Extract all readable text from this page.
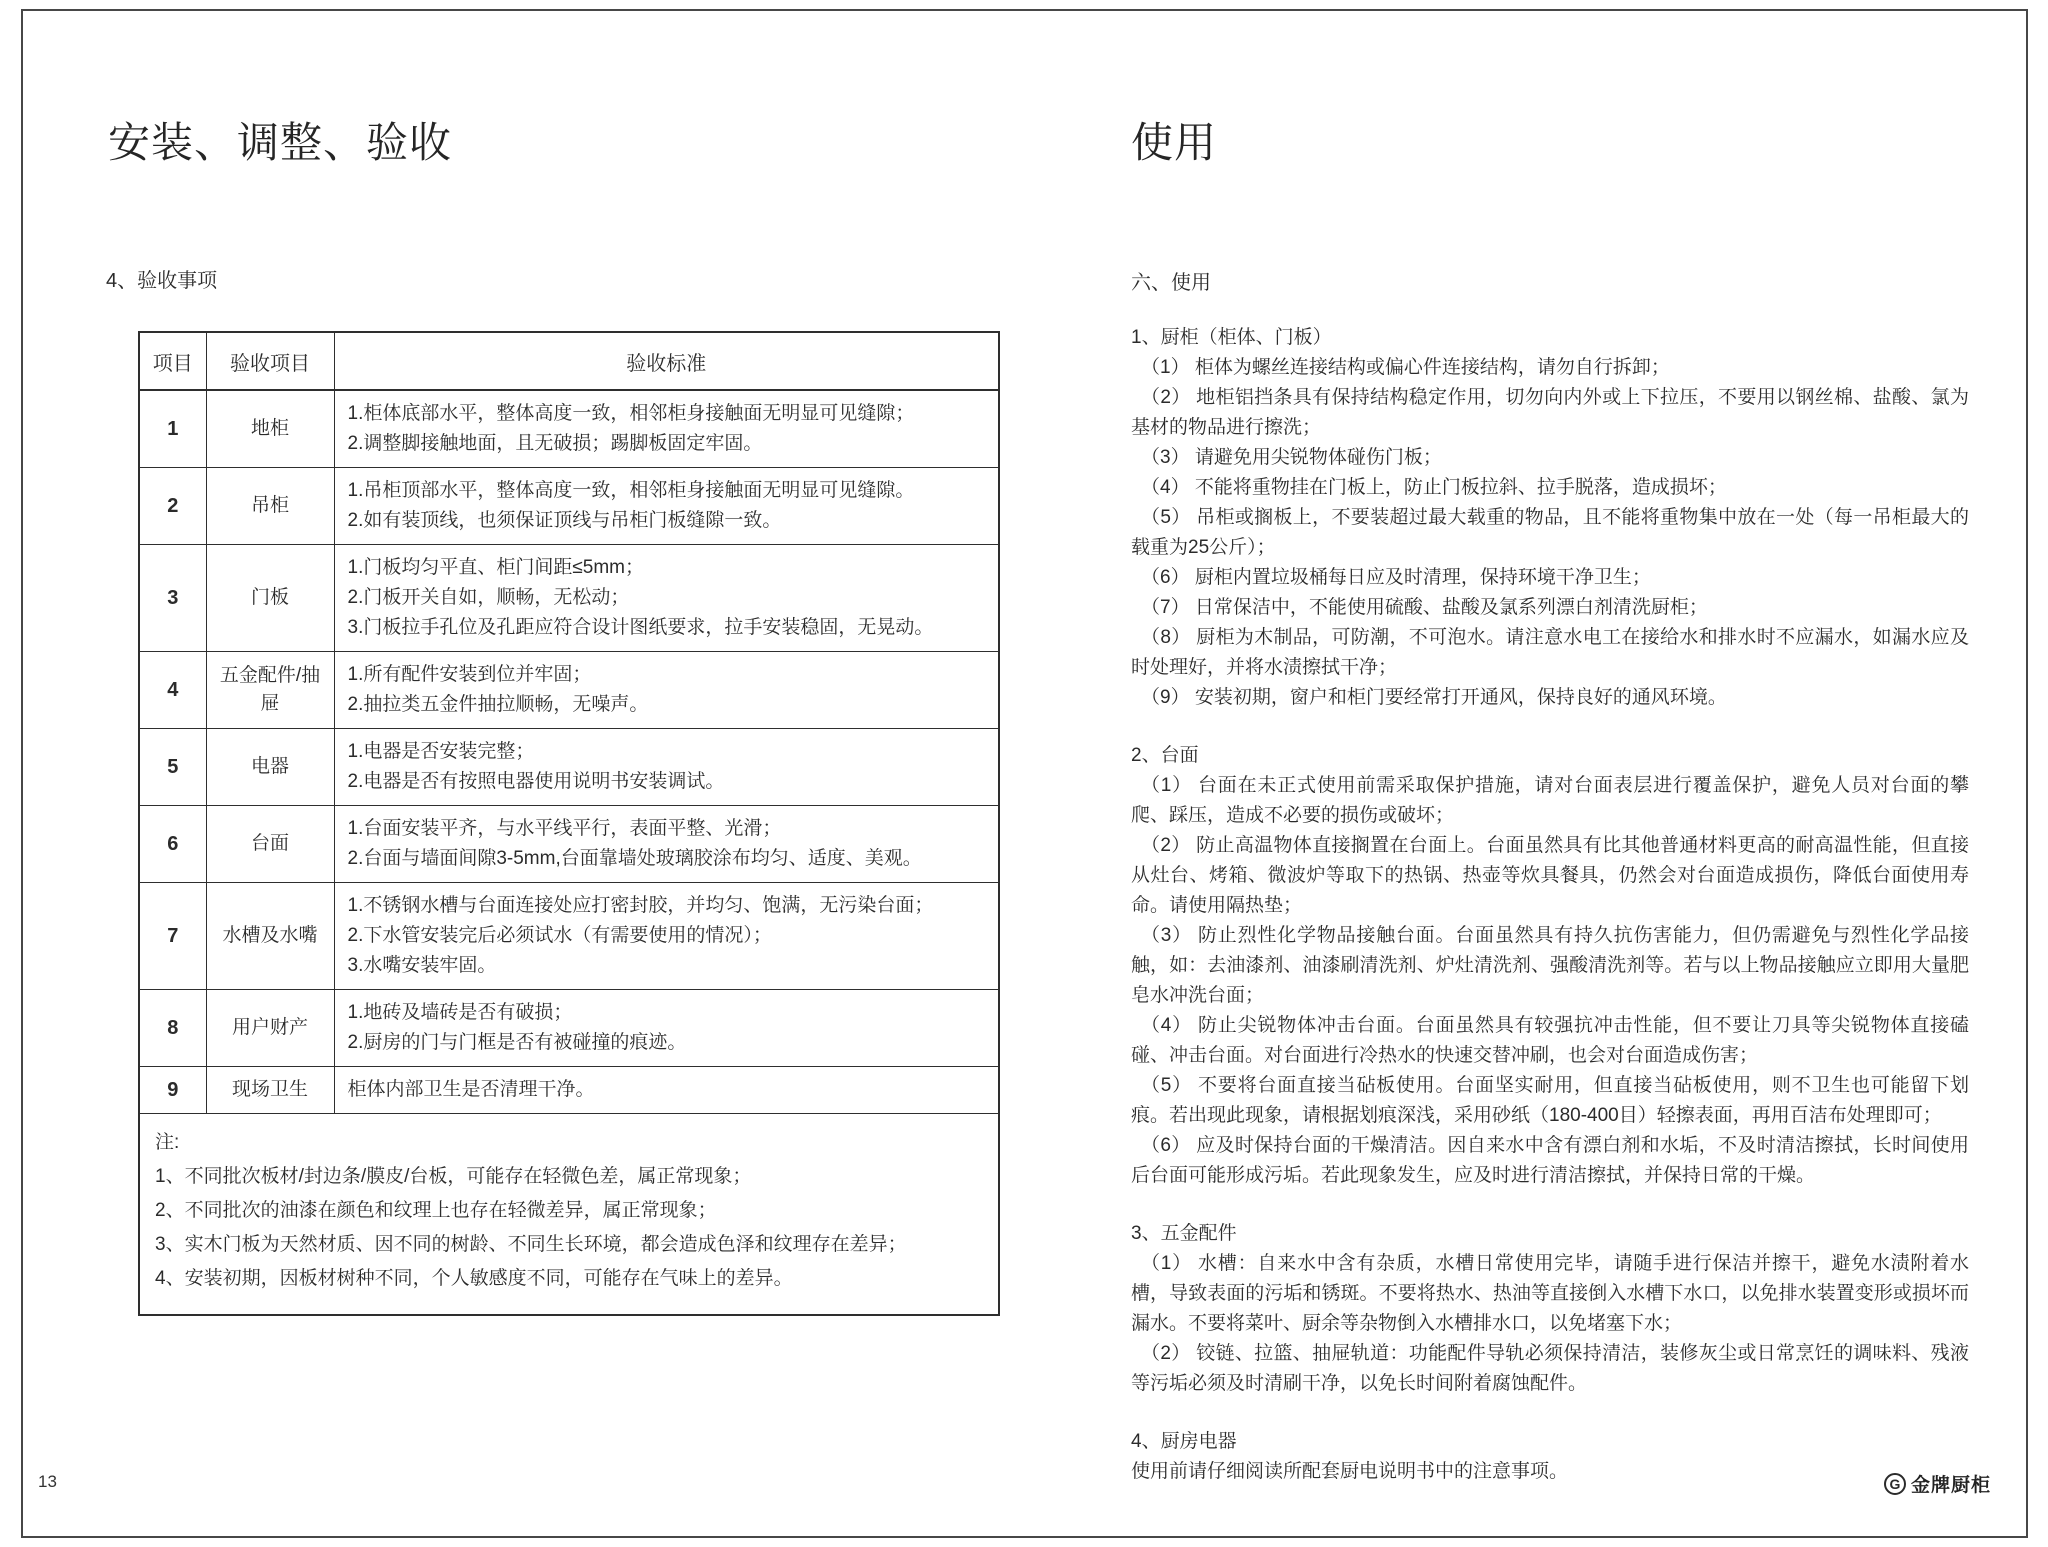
安装、调整、验收
4、验收事项
项目	验收项目	验收标准
1	地柜	1.柜体底部水平，整体高度一致，相邻柜身接触面无明显可见缝隙；
2.调整脚接触地面，且无破损；踢脚板固定牢固。

2	吊柜	1.吊柜顶部水平，整体高度一致，相邻柜身接触面无明显可见缝隙。
2.如有装顶线，也须保证顶线与吊柜门板缝隙一致。

3	门板	1.门板均匀平直、柜门间距≤5mm；
2.门板开关自如，顺畅，无松动；
3.门板拉手孔位及孔距应符合设计图纸要求，拉手安装稳固，无晃动。

4	五金配件/抽屉	1.所有配件安装到位并牢固；
2.抽拉类五金件抽拉顺畅，无噪声。

5	电器	1.电器是否安装完整；
2.电器是否有按照电器使用说明书安装调试。

6	台面	1.台面安装平齐，与水平线平行，表面平整、光滑；
2.台面与墙面间隙3-5mm,台面靠墙处玻璃胶涂布均匀、适度、美观。

7	水槽及水嘴	1.不锈钢水槽与台面连接处应打密封胶，并均匀、饱满，无污染台面；
2.下水管安装完后必须试水（有需要使用的情况）；
3.水嘴安装牢固。

8	用户财产	1.地砖及墙砖是否有破损；
2.厨房的门与门框是否有被碰撞的痕迹。

9	现场卫生	柜体内部卫生是否清理干净。

注:
1、不同批次板材/封边条/膜皮/台板，可能存在轻微色差，属正常现象；
2、不同批次的油漆在颜色和纹理上也存在轻微差异，属正常现象；
3、实木门板为天然材质、因不同的树龄、不同生长环境，都会造成色泽和纹理存在差异；
4、安装初期，因板材树种不同，个人敏感度不同，可能存在气味上的差异。		
使用
六、使用
1、厨柜（柜体、门板）

（1） 柜体为螺丝连接结构或偏心件连接结构，请勿自行拆卸；

（2） 地柜铝挡条具有保持结构稳定作用，切勿向内外或上下拉压，不要用以钢丝棉、盐酸、氯为基材的物品进行擦洗；

（3） 请避免用尖锐物体碰伤门板；

（4） 不能将重物挂在门板上，防止门板拉斜、拉手脱落，造成损坏；

（5） 吊柜或搁板上，不要装超过最大载重的物品，且不能将重物集中放在一处（每一吊柜最大的载重为25公斤）；

（6） 厨柜内置垃圾桶每日应及时清理，保持环境干净卫生；

（7） 日常保洁中，不能使用硫酸、盐酸及氯系列漂白剂清洗厨柜；

（8） 厨柜为木制品，可防潮，不可泡水。请注意水电工在接给水和排水时不应漏水，如漏水应及时处理好，并将水渍擦拭干净；

（9） 安装初期，窗户和柜门要经常打开通风，保持良好的通风环境。

2、台面

（1） 台面在未正式使用前需采取保护措施，请对台面表层进行覆盖保护，避免人员对台面的攀爬、踩压，造成不必要的损伤或破坏；

（2） 防止高温物体直接搁置在台面上。台面虽然具有比其他普通材料更高的耐高温性能，但直接从灶台、烤箱、微波炉等取下的热锅、热壶等炊具餐具，仍然会对台面造成损伤，降低台面使用寿命。请使用隔热垫；

（3） 防止烈性化学物品接触台面。台面虽然具有持久抗伤害能力，但仍需避免与烈性化学品接触，如：去油漆剂、油漆刷清洗剂、炉灶清洗剂、强酸清洗剂等。若与以上物品接触应立即用大量肥皂水冲洗台面；

（4） 防止尖锐物体冲击台面。台面虽然具有较强抗冲击性能，但不要让刀具等尖锐物体直接磕碰、冲击台面。对台面进行冷热水的快速交替冲刷，也会对台面造成伤害；

（5） 不要将台面直接当砧板使用。台面坚实耐用，但直接当砧板使用，则不卫生也可能留下划痕。若出现此现象，请根据划痕深浅，采用砂纸（180-400目）轻擦表面，再用百洁布处理即可；

（6） 应及时保持台面的干燥清洁。因自来水中含有漂白剂和水垢，不及时清洁擦拭，长时间使用后台面可能形成污垢。若此现象发生，应及时进行清洁擦拭，并保持日常的干燥。

3、五金配件

（1） 水槽：自来水中含有杂质，水槽日常使用完毕，请随手进行保洁并擦干，避免水渍附着水槽，导致表面的污垢和锈斑。不要将热水、热油等直接倒入水槽下水口，以免排水装置变形或损坏而漏水。不要将菜叶、厨余等杂物倒入水槽排水口，以免堵塞下水；

（2） 铰链、拉篮、抽屉轨道：功能配件导轨必须保持清洁，装修灰尘或日常烹饪的调味料、残液等污垢必须及时清刷干净，以免长时间附着腐蚀配件。

4、厨房电器

使用前请仔细阅读所配套厨电说明书中的注意事项。

13	G 金牌厨柜
